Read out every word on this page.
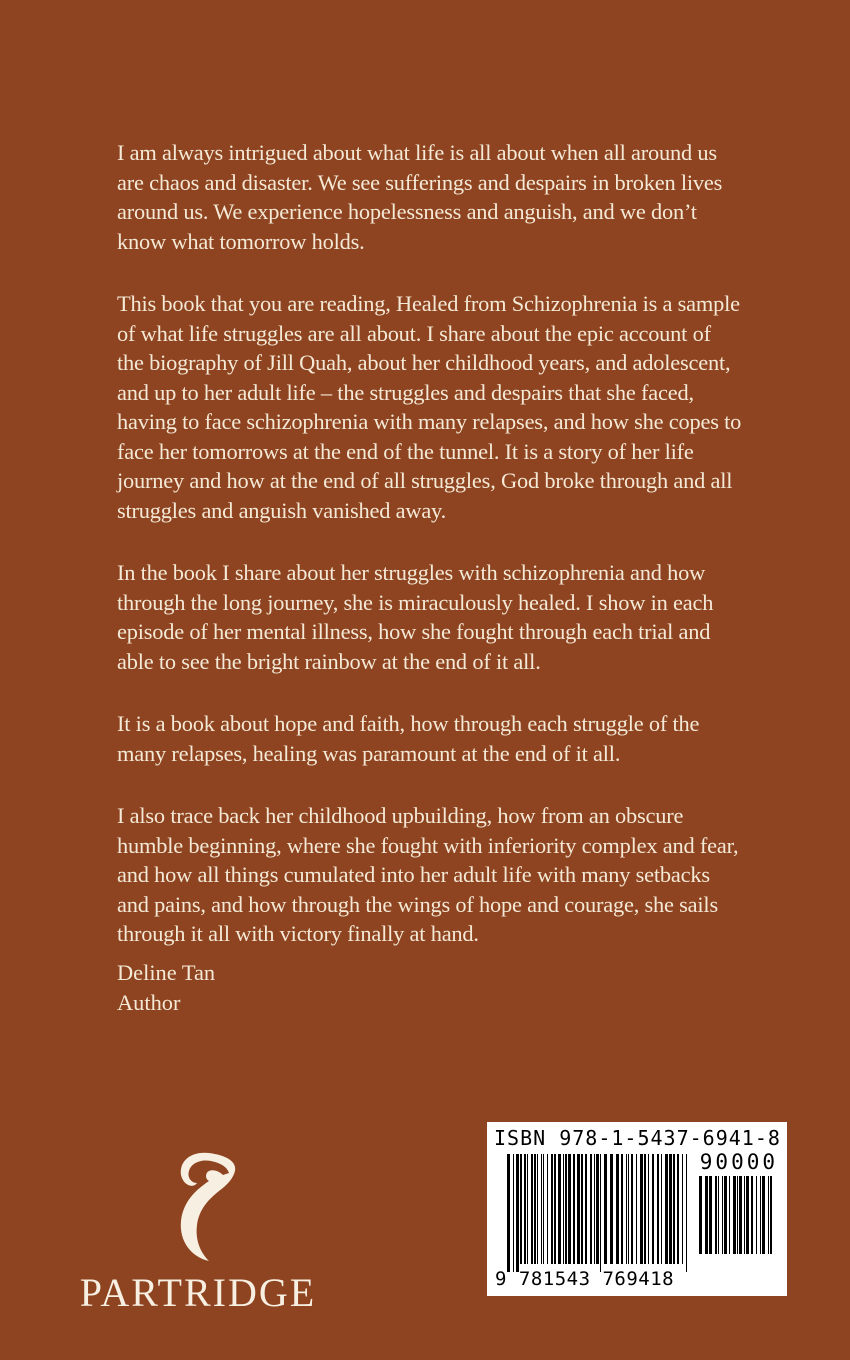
I am always intrigued about what life is all about when all around us are chaos and disaster. We see sufferings and despairs in broken lives around us. We experience hopelessness and anguish, and we don’t know what tomorrow holds.

This book that you are reading, Healed from Schizophrenia is a sample of what life struggles are all about. I share about the epic account of the biography of Jill Quah, about her childhood years, and adolescent, and up to her adult life – the struggles and despairs that she faced, having to face schizophrenia with many relapses, and how she copes to face her tomorrows at the end of the tunnel. It is a story of her life journey and how at the end of all struggles, God broke through and all struggles and anguish vanished away.

In the book I share about her struggles with schizophrenia and how through the long journey, she is miraculously healed. I show in each episode of her mental illness, how she fought through each trial and able to see the bright rainbow at the end of it all.

It is a book about hope and faith, how through each struggle of the many relapses, healing was paramount at the end of it all.

I also trace back her childhood upbuilding, how from an obscure humble beginning, where she fought with inferiority complex and fear, and how all things cumulated into her adult life with many setbacks and pains, and how through the wings of hope and courage, she sails through it all with victory finally at hand.

Deline Tan
Author
PARTRIDGE
ISBN 978-1-5437-6941-8
90000
9 781543 769418
